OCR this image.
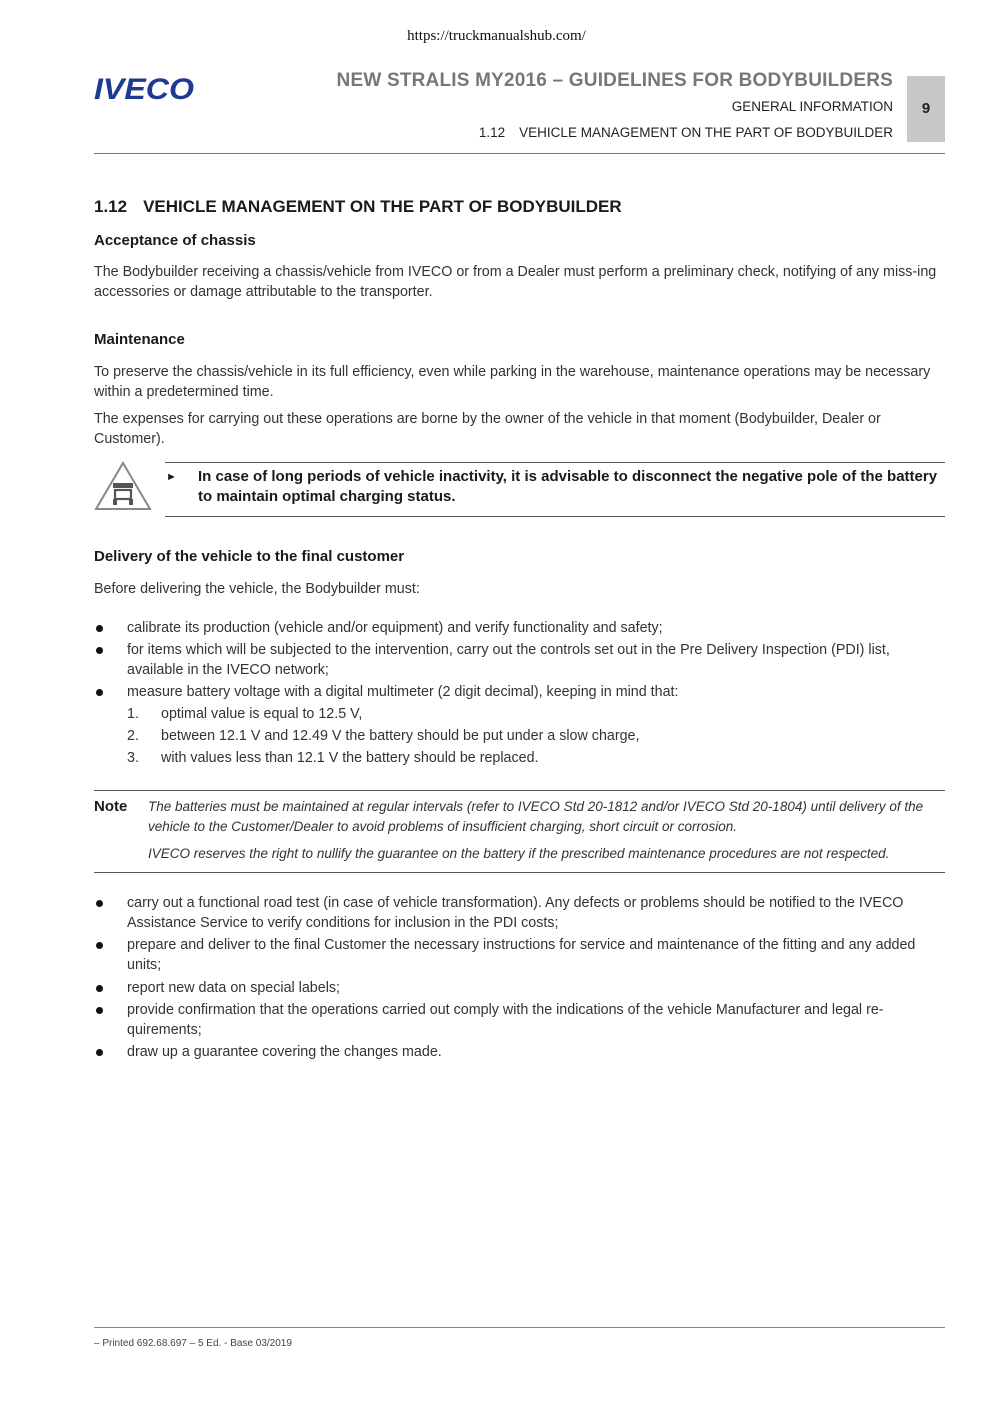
https://truckmanualshub.com/
IVECO	NEW STRALIS MY2016 – GUIDELINES FOR BODYBUILDERS
GENERAL INFORMATION
1.12 VEHICLE MANAGEMENT ON THE PART OF BODYBUILDER
9
1.12 VEHICLE MANAGEMENT ON THE PART OF BODYBUILDER
Acceptance of chassis

The Bodybuilder receiving a chassis/vehicle from IVECO or from a Dealer must perform a preliminary check, notifying of any miss-ing accessories or damage attributable to the transporter.

Maintenance

To preserve the chassis/vehicle in its full efficiency, even while parking in the warehouse, maintenance operations may be necessary within a predetermined time.

The expenses for carrying out these operations are borne by the owner of the vehicle in that moment (Bodybuilder, Dealer or Customer).

► In case of long periods of vehicle inactivity, it is advisable to disconnect the negative pole of the battery to maintain optimal charging status.
Delivery of the vehicle to the final customer

Before delivering the vehicle, the Bodybuilder must:

calibrate its production (vehicle and/or equipment) and verify functionality and safety;
for items which will be subjected to the intervention, carry out the controls set out in the Pre Delivery Inspection (PDI) list, available in the IVECO network;
measure battery voltage with a digital multimeter (2 digit decimal), keeping in mind that:
1. optimal value is equal to 12.5 V,
2. between 12.1 V and 12.49 V the battery should be put under a slow charge,
3. with values less than 12.1 V the battery should be replaced.
Note The batteries must be maintained at regular intervals (refer to IVECO Std 20-1812 and/or IVECO Std 20-1804) until delivery of the vehicle to the Customer/Dealer to avoid problems of insufficient charging, short circuit or corrosion.
IVECO reserves the right to nullify the guarantee on the battery if the prescribed maintenance procedures are not respected.
carry out a functional road test (in case of vehicle transformation). Any defects or problems should be notified to the IVECO Assistance Service to verify conditions for inclusion in the PDI costs;
prepare and deliver to the final Customer the necessary instructions for service and maintenance of the fitting and any added units;
report new data on special labels;
provide confirmation that the operations carried out comply with the indications of the vehicle Manufacturer and legal re-quirements;
draw up a guarantee covering the changes made.
– Printed 692.68.697 – 5 Ed. - Base 03/2019
